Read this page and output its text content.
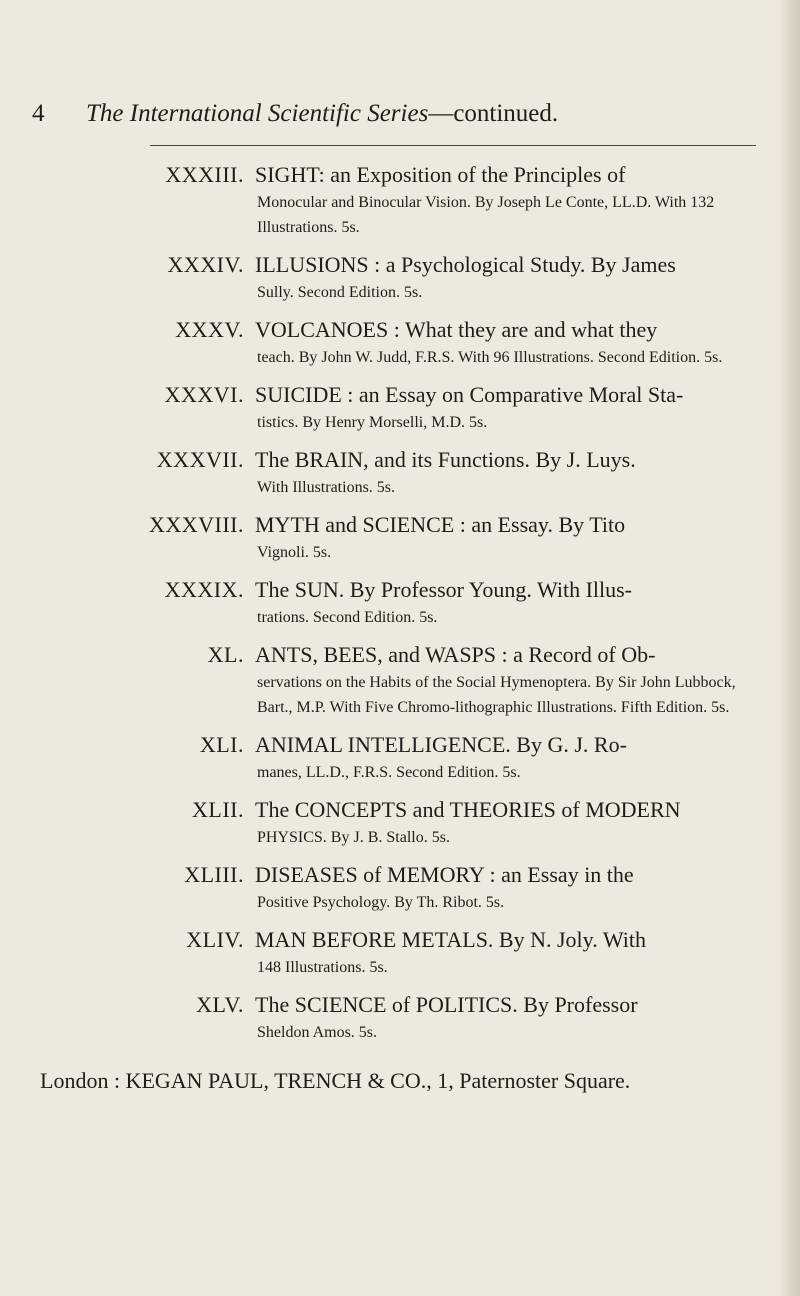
4 The International Scientific Series—continued.
XXXIII. SIGHT: an Exposition of the Principles of
Monocular and Binocular Vision. By Joseph Le Conte, LL.D. With 132 Illustrations. 5s.
XXXIV. ILLUSIONS : a Psychological Study. By James
Sully. Second Edition. 5s.
XXXV. VOLCANOES : What they are and what they
teach. By John W. Judd, F.R.S. With 96 Illustrations. Second Edition. 5s.
XXXVI. SUICIDE : an Essay on Comparative Moral Sta-
tistics. By Henry Morselli, M.D. 5s.
XXXVII. The BRAIN, and its Functions. By J. Luys.
With Illustrations. 5s.
XXXVIII. MYTH and SCIENCE : an Essay. By Tito
Vignoli. 5s.
XXXIX. The SUN. By Professor Young. With Illus-
trations. Second Edition. 5s.
XL. ANTS, BEES, and WASPS : a Record of Ob-
servations on the Habits of the Social Hymenoptera. By Sir John Lubbock, Bart., M.P. With Five Chromo-lithographic Illustrations. Fifth Edition. 5s.
XLI. ANIMAL INTELLIGENCE. By G. J. Ro-
manes, LL.D., F.R.S. Second Edition. 5s.
XLII. The CONCEPTS and THEORIES of MODERN
PHYSICS. By J. B. Stallo. 5s.
XLIII. DISEASES of MEMORY : an Essay in the
Positive Psychology. By Th. Ribot. 5s.
XLIV. MAN BEFORE METALS. By N. Joly. With
148 Illustrations. 5s.
XLV. The SCIENCE of POLITICS. By Professor
Sheldon Amos. 5s.
London : KEGAN PAUL, TRENCH & CO., 1, Paternoster Square.
